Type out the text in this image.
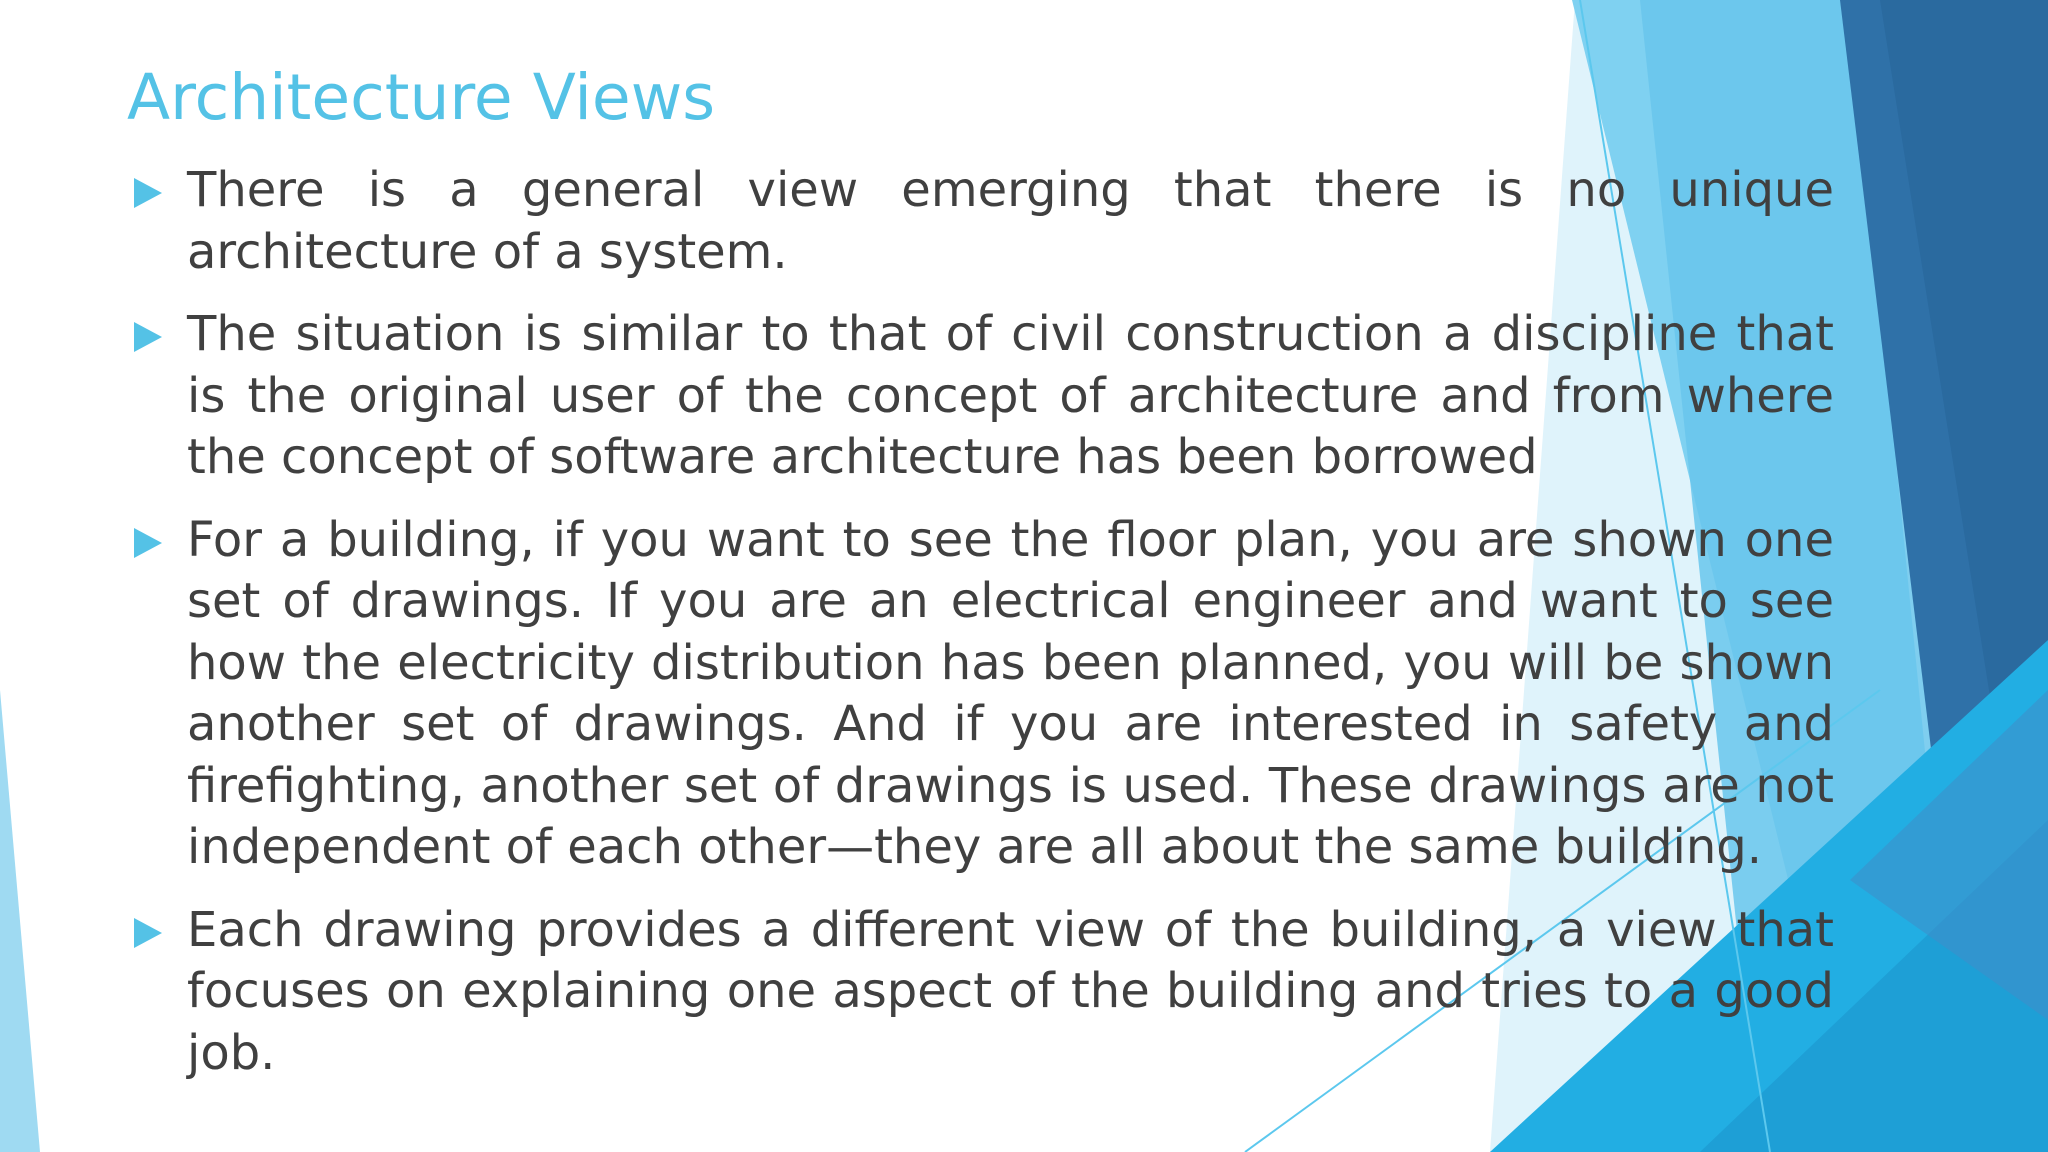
Architecture Views
There is a general view emerging that there is no unique architecture of a system.
The situation is similar to that of civil construction a discipline that is the original user of the concept of architecture and from where the concept of software architecture has been borrowed
For a building, if you want to see the floor plan, you are shown one set of drawings. If you are an electrical engineer and want to see how the electricity distribution has been planned, you will be shown another set of drawings. And if you are interested in safety and firefighting, another set of drawings is used. These drawings are not independent of each other—they are all about the same building.
Each drawing provides a different view of the building, a view that focuses on explaining one aspect of the building and tries to a good job.
